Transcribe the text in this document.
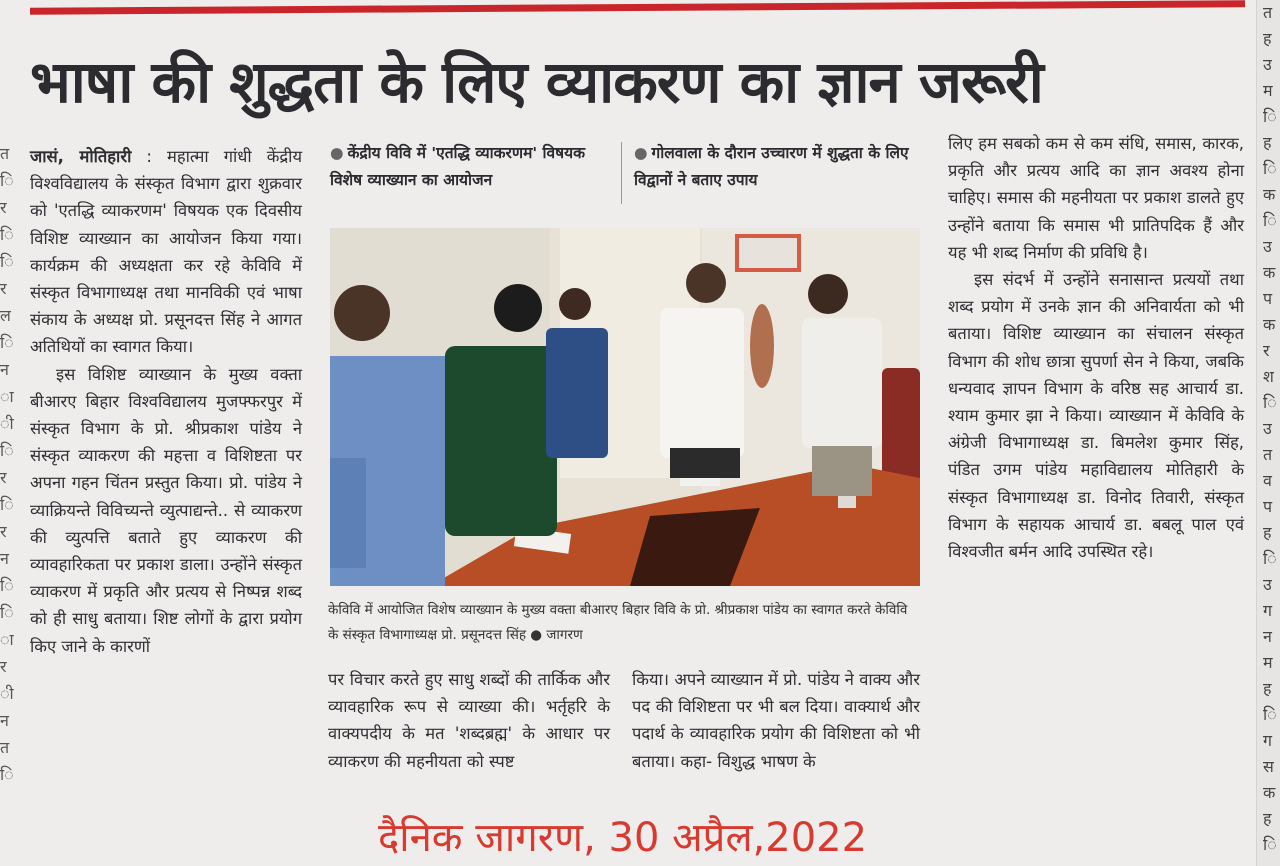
त
ि
र
ि
ि
र
ल
ि
न
ा
ी
ि
र
ि
र
न
ि
ि
ा
र
ी
न
त
ि
त
ह
उ
म
ि
ह
ि
क
ि
उ
क
प
क
र
श
ि
उ
त
व
प
ह
ि
उ
ग
न
म
ह
ि
ग
स
क
ह
ि
भाषा की शुद्धता के लिए व्याकरण का ज्ञान जरूरी

जासं, मोतिहारी : महात्मा गांधी केंद्रीय विश्वविद्यालय के संस्कृत विभाग द्वारा शुक्रवार को 'एतद्धि व्याकरणम' विषयक एक दिवसीय विशिष्ट व्याख्यान का आयोजन किया गया। कार्यक्रम की अध्यक्षता कर रहे केविवि में संस्कृत विभागाध्यक्ष तथा मानविकी एवं भाषा संकाय के अध्यक्ष प्रो. प्रसूनदत्त सिंह ने आगत अतिथियों का स्वागत किया।

इस विशिष्ट व्याख्यान के मुख्य वक्ता बीआरए बिहार विश्वविद्यालय मुजफ्फरपुर में संस्कृत विभाग के प्रो. श्रीप्रकाश पांडेय ने संस्कृत व्याकरण की महत्ता व विशिष्टता पर अपना गहन चिंतन प्रस्तुत किया। प्रो. पांडेय ने व्याक्रियन्ते विविच्यन्ते व्युत्पाद्यन्ते.. से व्याकरण की व्युत्पत्ति बताते हुए व्याकरण की व्यावहारिकता पर प्रकाश डाला। उन्होंने संस्कृत व्याकरण में प्रकृति और प्रत्यय से निष्पन्न शब्द को ही साधु बताया। शिष्ट लोगों के द्वारा प्रयोग किए जाने के कारणों

● केंद्रीय विवि में 'एतद्धि व्याकरणम' विषयक विशेष व्याख्यान का आयोजन
● गोलवाला के दौरान उच्चारण में शुद्धता के लिए विद्वानों ने बताए उपाय
केविवि में आयोजित विशेष व्याख्यान के मुख्य वक्ता बीआरए बिहार विवि के प्रो. श्रीप्रकाश पांडेय का स्वागत करते केविवि के संस्कृत विभागाध्यक्ष प्रो. प्रसूनदत्त सिंह ● जागरण

पर विचार करते हुए साधु शब्दों की तार्किक और व्यावहारिक रूप से व्याख्या की। भर्तृहरि के वाक्यपदीय के मत 'शब्दब्रह्म' के आधार पर व्याकरण की महनीयता को स्पष्ट

किया। अपने व्याख्यान में प्रो. पांडेय ने वाक्य और पद की विशिष्टता पर भी बल दिया। वाक्यार्थ और पदार्थ के व्यावहारिक प्रयोग की विशिष्टता को भी बताया। कहा- विशुद्ध भाषण के

लिए हम सबको कम से कम संधि, समास, कारक, प्रकृति और प्रत्यय आदि का ज्ञान अवश्य होना चाहिए। समास की महनीयता पर प्रकाश डालते हुए उन्होंने बताया कि समास भी प्रातिपदिक हैं और यह भी शब्द निर्माण की प्रविधि है।

इस संदर्भ में उन्होंने सनासान्त प्रत्ययों तथा शब्द प्रयोग में उनके ज्ञान की अनिवार्यता को भी बताया। विशिष्ट व्याख्यान का संचालन संस्कृत विभाग की शोध छात्रा सुपर्णा सेन ने किया, जबकि धन्यवाद ज्ञापन विभाग के वरिष्ठ सह आचार्य डा. श्याम कुमार झा ने किया। व्याख्यान में केविवि के अंग्रेजी विभागाध्यक्ष डा. बिमलेश कुमार सिंह, पंडित उगम पांडेय महाविद्यालय मोतिहारी के संस्कृत विभागाध्यक्ष डा. विनोद तिवारी, संस्कृत विभाग के सहायक आचार्य डा. बबलू पाल एवं विश्वजीत बर्मन आदि उपस्थित रहे।

दैनिक जागरण, 30 अप्रैल,2022
